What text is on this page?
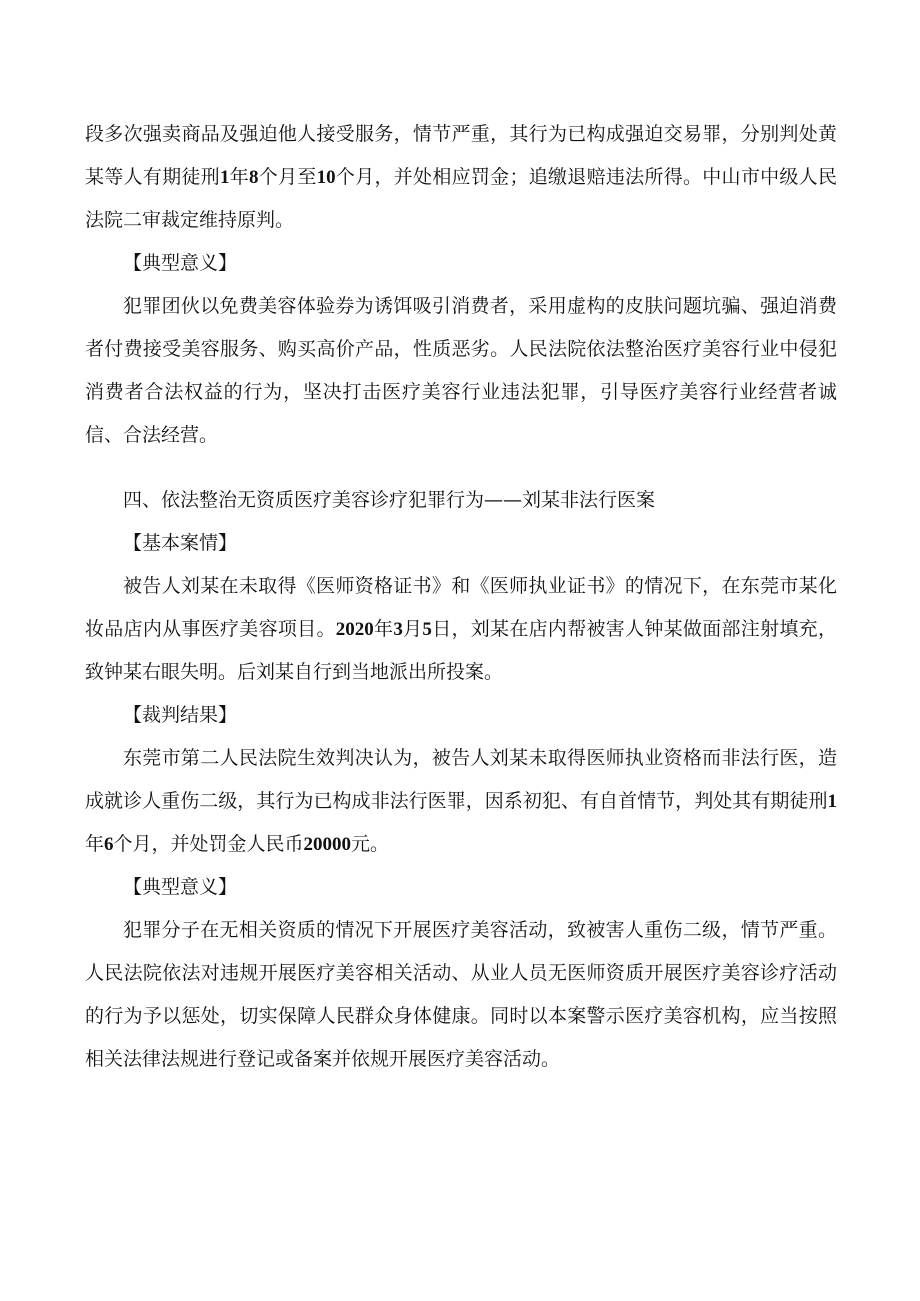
段多次强卖商品及强迫他人接受服务，情节严重，其行为已构成强迫交易罪，分别判处黄某等人有期徒刑1年8个月至10个月，并处相应罚金；追缴退赔违法所得。中山市中级人民法院二审裁定维持原判。

【典型意义】

犯罪团伙以免费美容体验券为诱饵吸引消费者，采用虚构的皮肤问题坑骗、强迫消费者付费接受美容服务、购买高价产品，性质恶劣。人民法院依法整治医疗美容行业中侵犯消费者合法权益的行为，坚决打击医疗美容行业违法犯罪，引导医疗美容行业经营者诚信、合法经营。

四、依法整治无资质医疗美容诊疗犯罪行为——刘某非法行医案

【基本案情】

被告人刘某在未取得《医师资格证书》和《医师执业证书》的情况下，在东莞市某化妆品店内从事医疗美容项目。2020年3月5日，刘某在店内帮被害人钟某做面部注射填充，致钟某右眼失明。后刘某自行到当地派出所投案。

【裁判结果】

东莞市第二人民法院生效判决认为，被告人刘某未取得医师执业资格而非法行医，造成就诊人重伤二级，其行为已构成非法行医罪，因系初犯、有自首情节，判处其有期徒刑1年6个月，并处罚金人民币20000元。

【典型意义】

犯罪分子在无相关资质的情况下开展医疗美容活动，致被害人重伤二级，情节严重。人民法院依法对违规开展医疗美容相关活动、从业人员无医师资质开展医疗美容诊疗活动的行为予以惩处，切实保障人民群众身体健康。同时以本案警示医疗美容机构，应当按照相关法律法规进行登记或备案并依规开展医疗美容活动。
